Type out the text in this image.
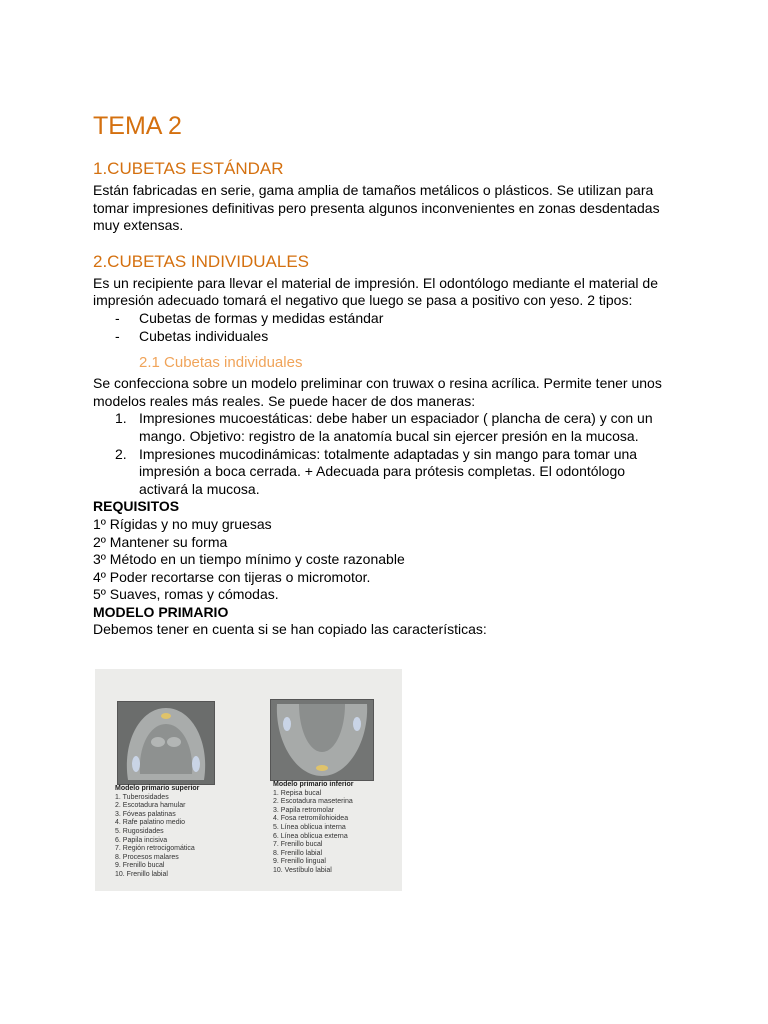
TEMA 2
1.CUBETAS ESTÁNDAR

Están fabricadas en serie, gama amplia de tamaños metálicos o plásticos. Se utilizan para

tomar impresiones definitivas pero presenta algunos inconvenientes en zonas desdentadas

muy extensas.

2.CUBETAS INDIVIDUALES

Es un recipiente para llevar el material de impresión. El odontólogo mediante el material de

impresión adecuado tomará el negativo que luego se pasa a positivo con yeso. 2 tipos:

- Cubetas de formas y medidas estándar
- Cubetas individuales
2.1 Cubetas individuales

Se confecciona sobre un modelo preliminar con truwax o resina acrílica. Permite tener unos

modelos reales más reales. Se puede hacer de dos maneras:

1. Impresiones mucoestáticas: debe haber un espaciador ( plancha de cera) y con un
mango. Objetivo: registro de la anatomía bucal sin ejercer presión en la mucosa.
2. Impresiones mucodinámicas: totalmente adaptadas y sin mango para tomar una
impresión a boca cerrada. + Adecuada para prótesis completas. El odontólogo
activará la mucosa.

REQUISITOS

1º Rígidas y no muy gruesas

2º Mantener su forma

3º Método en un tiempo mínimo y coste razonable

4º Poder recortarse con tijeras o micromotor.

5º Suaves, romas y cómodas.

MODELO PRIMARIO

Debemos tener en cuenta si se han copiado las características:

Modelo primario superior
1. Tuberosidades
2. Escotadura hamular
3. Fóveas palatinas
4. Rafe palatino medio
5. Rugosidades
6. Papila incisiva
7. Región retrocigomática
8. Procesos malares
9. Frenillo bucal
10. Frenillo labial
Modelo primario inferior
1. Repisa bucal
2. Escotadura maseterina
3. Papila retromolar
4. Fosa retromilohioidea
5. Línea oblicua interna
6. Línea oblicua externa
7. Frenillo bucal
8. Frenillo labial
9. Frenillo lingual
10. Vestíbulo labial
